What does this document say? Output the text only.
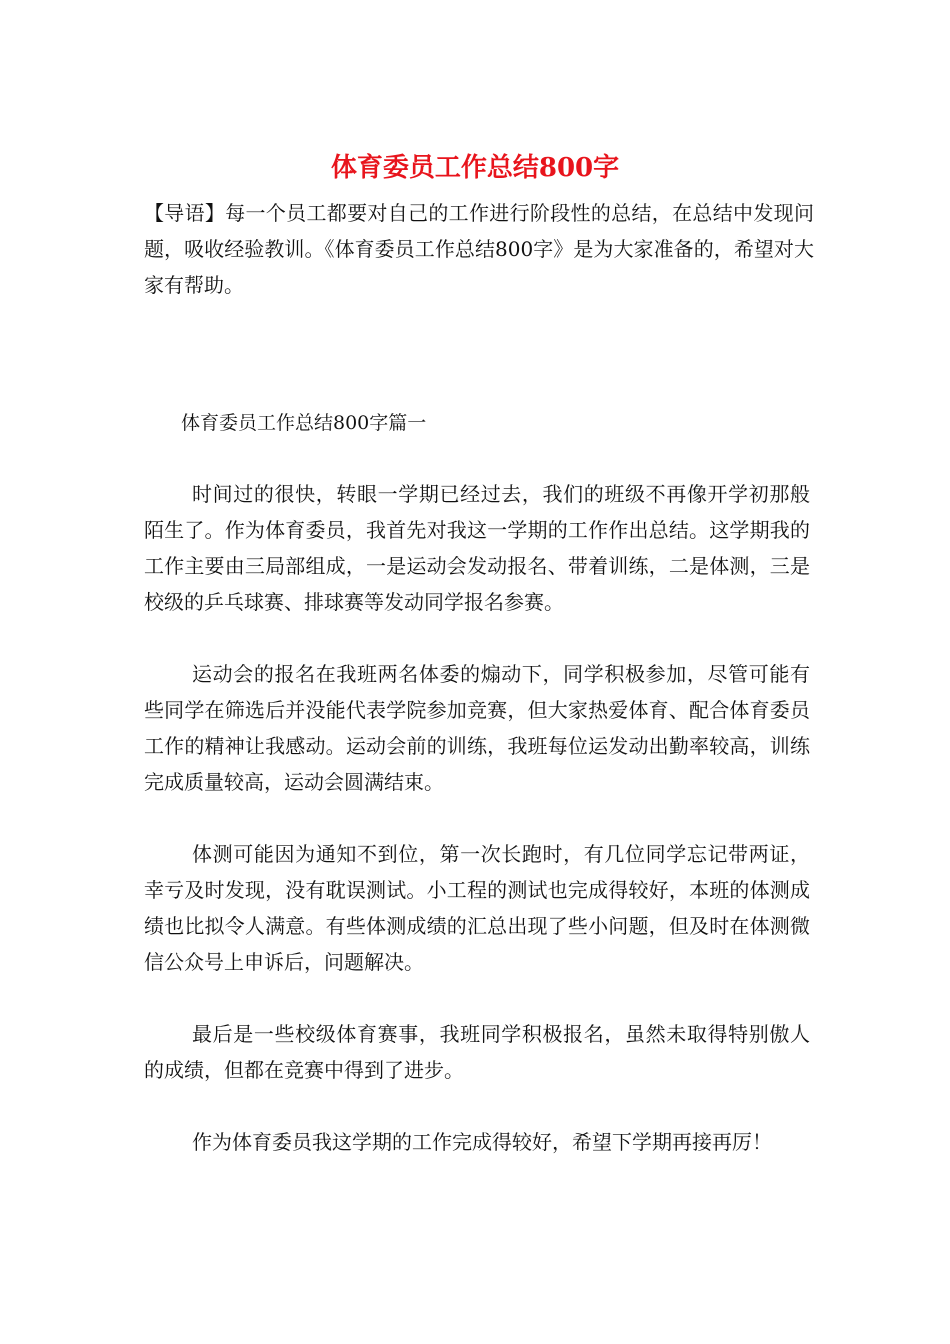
体育委员工作总结800字

【导语】每一个员工都要对自己的工作进行阶段性的总结，在总结中发现问题，吸收经验教训。《体育委员工作总结800字》是为大家准备的，希望对大家有帮助。

体育委员工作总结800字篇一

时间过的很快，转眼一学期已经过去，我们的班级不再像开学初那般陌生了。作为体育委员，我首先对我这一学期的工作作出总结。这学期我的工作主要由三局部组成，一是运动会发动报名、带着训练，二是体测，三是校级的乒乓球赛、排球赛等发动同学报名参赛。

运动会的报名在我班两名体委的煽动下，同学积极参加，尽管可能有些同学在筛选后并没能代表学院参加竞赛，但大家热爱体育、配合体育委员工作的精神让我感动。运动会前的训练，我班每位运发动出勤率较高，训练完成质量较高，运动会圆满结束。

体测可能因为通知不到位，第一次长跑时，有几位同学忘记带两证，幸亏及时发现，没有耽误测试。小工程的测试也完成得较好，本班的体测成绩也比拟令人满意。有些体测成绩的汇总出现了些小问题，但及时在体测微信公众号上申诉后，问题解决。

最后是一些校级体育赛事，我班同学积极报名，虽然未取得特别傲人的成绩，但都在竞赛中得到了进步。

作为体育委员我这学期的工作完成得较好，希望下学期再接再厉！
